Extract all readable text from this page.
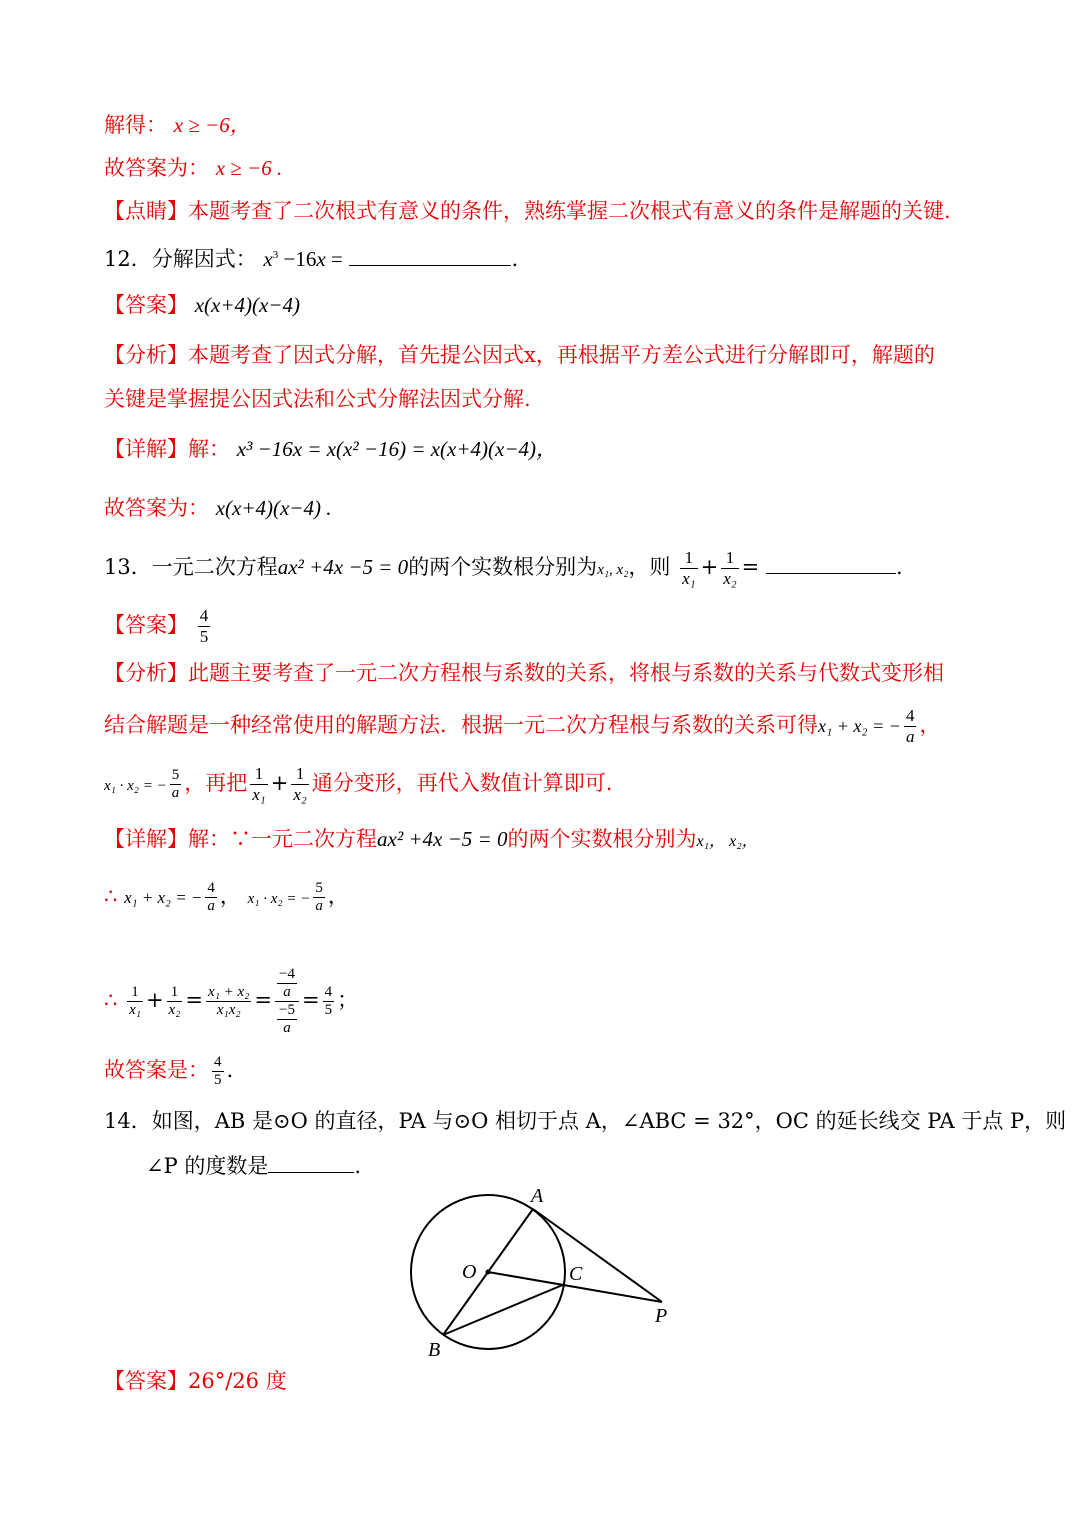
解得： x ≥ −6，
故答案为： x ≥ −6 .
【点睛】本题考查了二次根式有意义的条件，熟练掌握二次根式有意义的条件是解题的关键.
12．分解因式： $x^3 -16x$ =	.
【答案】 x(x+4)(x−4)
【分析】本题考查了因式分解，首先提公因式x，再根据平方差公式进行分解即可，解题的
关键是掌握提公因式法和公式分解法因式分解.
【详解】解： x³ −16x = x(x² −16) = x(x+4)(x−4)，
故答案为： x(x+4)(x−4) .
13．一元二次方程ax² +4x −5 = 0的两个实数根分别为x₁, x₂，则 $\frac{1}{\text{x₁}} + \frac{1}{\text{x₂}}$ =	.
【答案】 $\frac{4}{5}$
【分析】此题主要考查了一元二次方程根与系数的关系，将根与系数的关系与代数式变形相
结合解题是一种经常使用的解题方法．根据一元二次方程根与系数的关系可得x₁ + x₂ = − $\frac{4}{a}$ ，
x₁ · x₂ = − $\frac{5}{a}$ ，再把 $\frac{1}{\text{x₁}} + \frac{1}{\text{x₂}}$ 通分变形，再代入数值计算即可.
【详解】解：∵一元二次方程ax² +4x −5 = 0的两个实数根分别为x₁， x₂，
∴ x₁ + x₂ = − $\frac{4}{a}$ ， x₁ · x₂ = − $\frac{5}{a}$ ，
∴ $\frac{1}{\text{x₁}} + \frac{1}{\text{x₂}} = \frac{\text{x₁ + x₂}}{\text{x₁x₂}} = \frac{\frac{-4}{a}}{\frac{-5}{a}} = \frac{4}{5}$ ；
故答案是： $\frac{4}{5}$ .
14．如图，AB 是⊙O 的直径，PA 与⊙O 相切于点 A，∠ABC = 32°，OC 的延长线交 PA 于点 P，则
∠P 的度数是	.
A
B
O	C
P
【答案】26°/26 度
